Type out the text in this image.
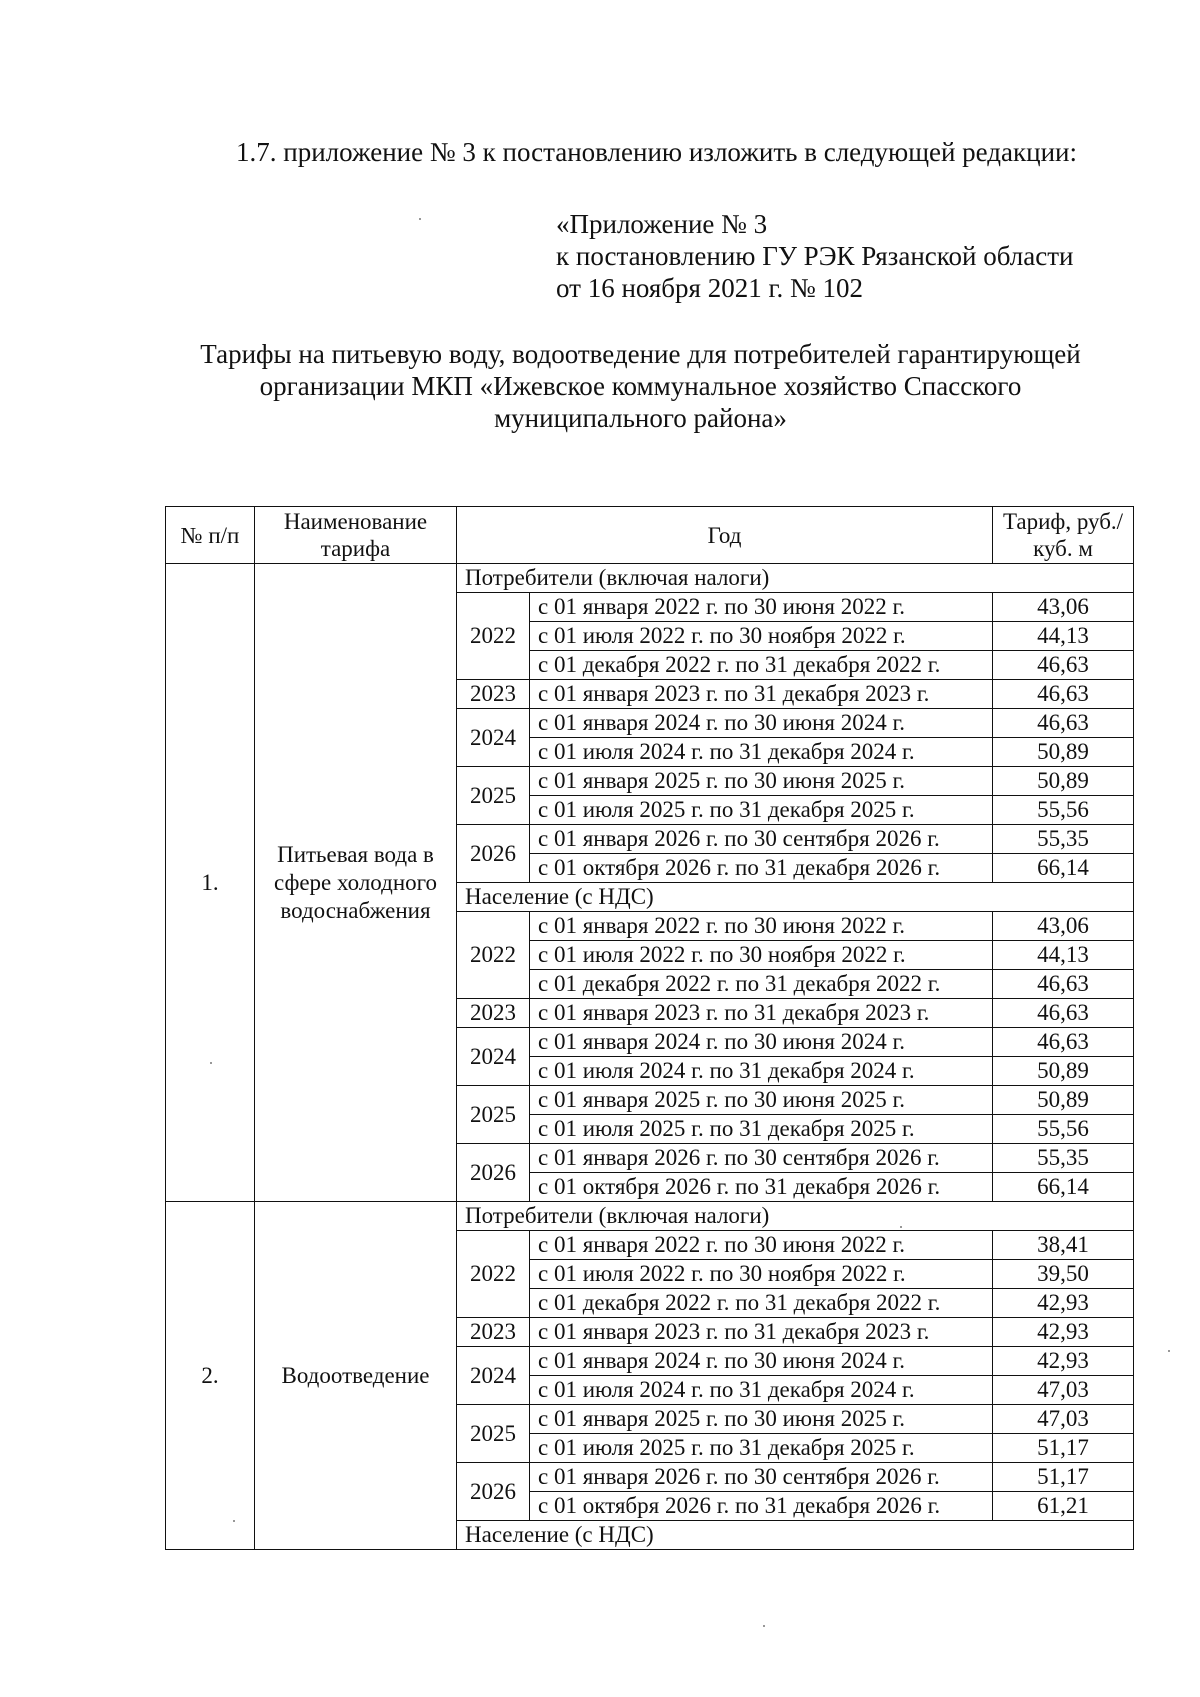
1.7. приложение № 3 к постановлению изложить в следующей редакции:

«Приложение № 3
к постановлению ГУ РЭК Рязанской области
от 16 ноября 2021 г. № 102
Тарифы на питьевую воду, водоотведение для потребителей гарантирующей организации МКП «Ижевское коммунальное хозяйство Спасского муниципального района»
№ п/п	Наименование тарифа	Год		Тариф, руб./куб. м
1.	Питьевая вода в сфере холодного водоснабжения	Потребители (включая налоги)		
		2022	с 01 января 2022 г. по 30 июня 2022 г.	43,06
			с 01 июля 2022 г. по 30 ноября 2022 г.	44,13
			с 01 декабря 2022 г. по 31 декабря 2022 г.	46,63
		2023	с 01 января 2023 г. по 31 декабря 2023 г.	46,63
		2024	с 01 января 2024 г. по 30 июня 2024 г.	46,63
			с 01 июля 2024 г. по 31 декабря 2024 г.	50,89
		2025	с 01 января 2025 г. по 30 июня 2025 г.	50,89
			с 01 июля 2025 г. по 31 декабря 2025 г.	55,56
		2026	с 01 января 2026 г. по 30 сентября 2026 г.	55,35
			с 01 октября 2026 г. по 31 декабря 2026 г.	66,14
		Население (с НДС)		
		2022	с 01 января 2022 г. по 30 июня 2022 г.	43,06
			с 01 июля 2022 г. по 30 ноября 2022 г.	44,13
			с 01 декабря 2022 г. по 31 декабря 2022 г.	46,63
		2023	с 01 января 2023 г. по 31 декабря 2023 г.	46,63
		2024	с 01 января 2024 г. по 30 июня 2024 г.	46,63
			с 01 июля 2024 г. по 31 декабря 2024 г.	50,89
		2025	с 01 января 2025 г. по 30 июня 2025 г.	50,89
			с 01 июля 2025 г. по 31 декабря 2025 г.	55,56
		2026	с 01 января 2026 г. по 30 сентября 2026 г.	55,35
			с 01 октября 2026 г. по 31 декабря 2026 г.	66,14
2.	Водоотведение	Потребители (включая налоги)		
		2022	с 01 января 2022 г. по 30 июня 2022 г.	38,41
			с 01 июля 2022 г. по 30 ноября 2022 г.	39,50
			с 01 декабря 2022 г. по 31 декабря 2022 г.	42,93
		2023	с 01 января 2023 г. по 31 декабря 2023 г.	42,93
		2024	с 01 января 2024 г. по 30 июня 2024 г.	42,93
			с 01 июля 2024 г. по 31 декабря 2024 г.	47,03
		2025	с 01 января 2025 г. по 30 июня 2025 г.	47,03
			с 01 июля 2025 г. по 31 декабря 2025 г.	51,17
		2026	с 01 января 2026 г. по 30 сентября 2026 г.	51,17
			с 01 октября 2026 г. по 31 декабря 2026 г.	61,21
		Население (с НДС)		
